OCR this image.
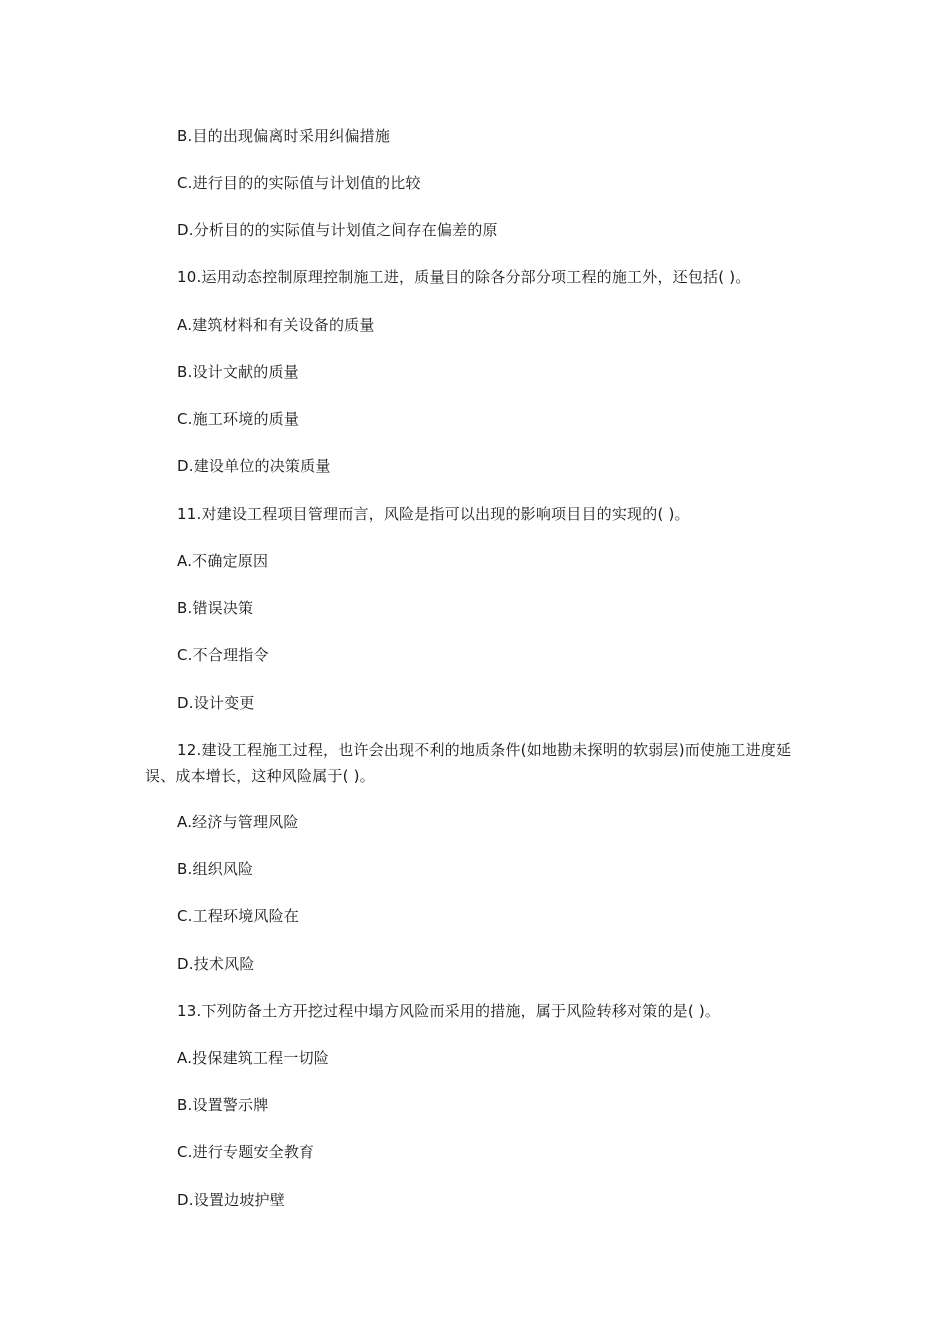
B.目的出现偏离时采用纠偏措施
C.进行目的的实际值与计划值的比较
D.分析目的的实际值与计划值之间存在偏差的原
10.运用动态控制原理控制施工进，质量目的除各分部分项工程的施工外，还包括( )。
A.建筑材料和有关设备的质量
B.设计文献的质量
C.施工环境的质量
D.建设单位的决策质量
11.对建设工程项目管理而言，风险是指可以出现的影响项目目的实现的( )。
A.不确定原因
B.错误决策
C.不合理指令
D.设计变更
12.建设工程施工过程，也许会出现不利的地质条件(如地勘未探明的软弱层)而使施工进度延误、成本增长，这种风险属于( )。
A.经济与管理风险
B.组织风险
C.工程环境风险在
D.技术风险
13.下列防备土方开挖过程中塌方风险而采用的措施，属于风险转移对策的是( )。
A.投保建筑工程一切险
B.设置警示牌
C.进行专题安全教育
D.设置边坡护壁
